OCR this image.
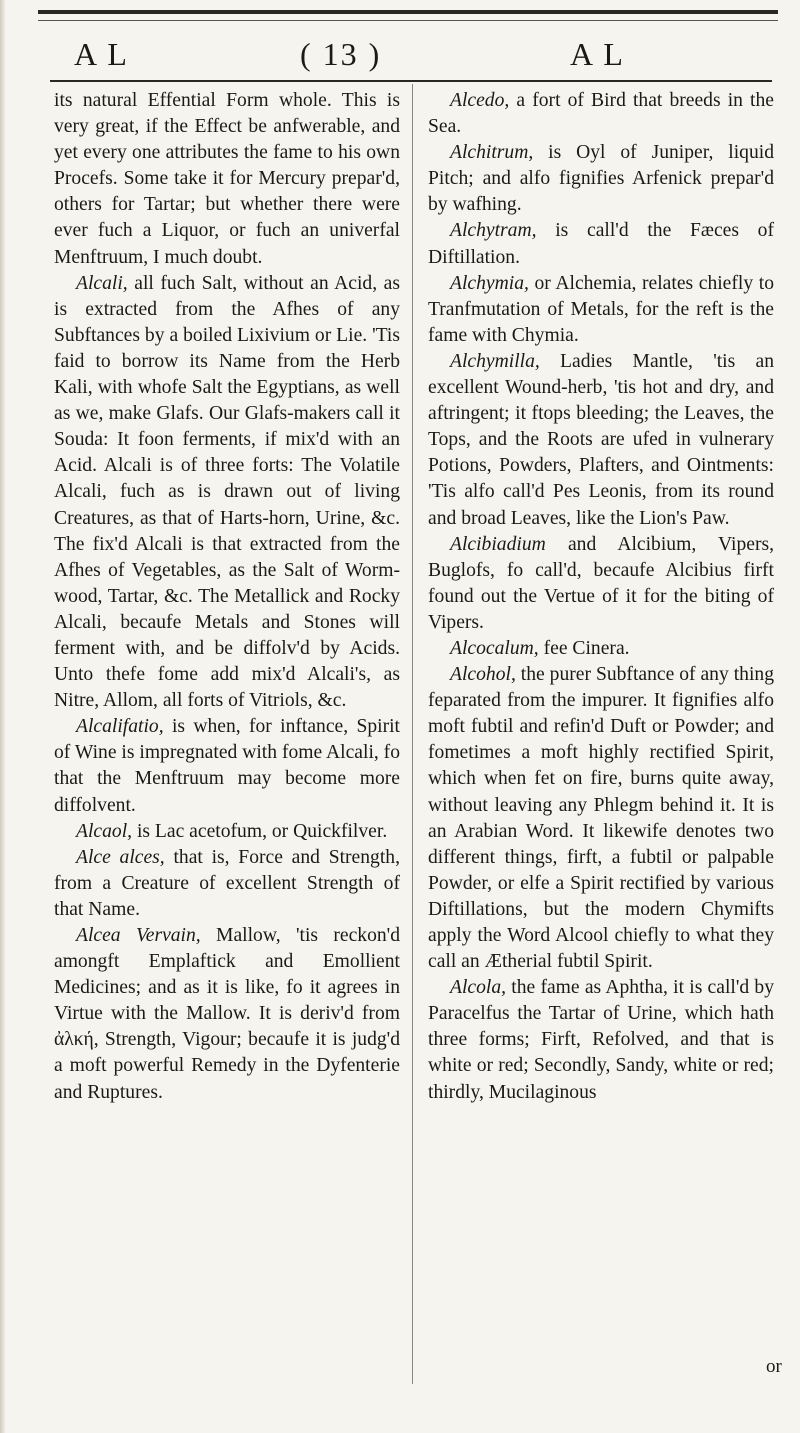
A L	( 13 )	A L

its natural Effential Form whole. This is very great, if the Effect be anfwerable, and yet every one attributes the fame to his own Procefs. Some take it for Mercury prepar'd, others for Tartar; but whether there were ever fuch a Liquor, or fuch an univerfal Menftruum, I much doubt.

Alcali, all fuch Salt, without an Acid, as is extracted from the Afhes of any Subftances by a boiled Lixivium or Lie. 'Tis faid to borrow its Name from the Herb Kali, with whofe Salt the Egyptians, as well as we, make Glafs. Our Glafs-makers call it Souda: It foon ferments, if mix'd with an Acid. Alcali is of three forts: The Volatile Alcali, fuch as is drawn out of living Creatures, as that of Harts-horn, Urine, &c. The fix'd Alcali is that extracted from the Afhes of Vegetables, as the Salt of Worm-wood, Tartar, &c. The Metallick and Rocky Alcali, becaufe Metals and Stones will ferment with, and be diffolv'd by Acids. Unto thefe fome add mix'd Alcali's, as Nitre, Allom, all forts of Vitriols, &c.

Alcalifatio, is when, for inftance, Spirit of Wine is impregnated with fome Alcali, fo that the Menftruum may become more diffolvent.

Alcaol, is Lac acetofum, or Quickfilver.

Alce alces, that is, Force and Strength, from a Creature of excellent Strength of that Name.

Alcea Vervain, Mallow, 'tis reckon'd amongft Emplaftick and Emollient Medicines; and as it is like, fo it agrees in Virtue with the Mallow. It is deriv'd from ἀλκή, Strength, Vigour; becaufe it is judg'd a moft powerful Remedy in the Dyfenterie and Ruptures.

Alcedo, a fort of Bird that breeds in the Sea.

Alchitrum, is Oyl of Juniper, liquid Pitch; and alfo fignifies Arfenick prepar'd by wafhing.

Alchytram, is call'd the Fæces of Diftillation.

Alchymia, or Alchemia, relates chiefly to Tranfmutation of Metals, for the reft is the fame with Chymia.

Alchymilla, Ladies Mantle, 'tis an excellent Wound-herb, 'tis hot and dry, and aftringent; it ftops bleeding; the Leaves, the Tops, and the Roots are ufed in vulnerary Potions, Powders, Plafters, and Ointments: 'Tis alfo call'd Pes Leonis, from its round and broad Leaves, like the Lion's Paw.

Alcibiadium and Alcibium, Vipers, Buglofs, fo call'd, becaufe Alcibius firft found out the Vertue of it for the biting of Vipers.

Alcocalum, fee Cinera.

Alcohol, the purer Subftance of any thing feparated from the impurer. It fignifies alfo moft fubtil and refin'd Duft or Powder; and fometimes a moft highly rectified Spirit, which when fet on fire, burns quite away, without leaving any Phlegm behind it. It is an Arabian Word. It likewife denotes two different things, firft, a fubtil or palpable Powder, or elfe a Spirit rectified by various Diftillations, but the modern Chymifts apply the Word Alcool chiefly to what they call an Ætherial fubtil Spirit.

Alcola, the fame as Aphtha, it is call'd by Paracelfus the Tartar of Urine, which hath three forms; Firft, Refolved, and that is white or red; Secondly, Sandy, white or red; thirdly, Mucilaginous

or
